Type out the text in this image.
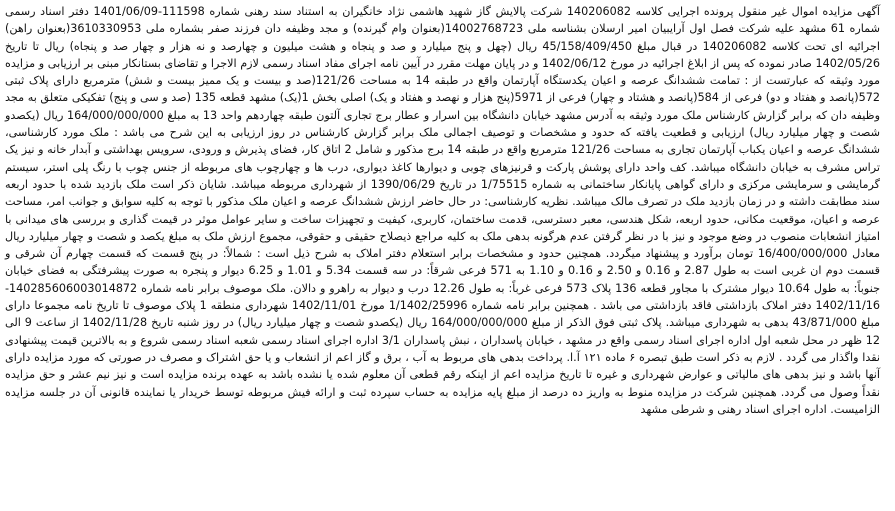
آگهی مزایده اموال غیر منقول پرونده اجرایی کلاسه 140206082 شرکت پالایش گاز شهید هاشمی نژاد خانگیران به استناد سند رهنی شماره 111598-1401/06/09 دفتر اسناد رسمی شماره 61 مشهد علیه شرکت فصل اول آرایبیان امیر ارسلان بشناسه ملی 14002768723(بعنوان وام گیرنده) و مجد وظیفه دان فرزند صفر بشماره ملی 3610330953(بعنوان راهن) اجرائیه ای تحت کلاسه 140206082 در قبال مبلغ 45/158/409/450 ریال (چهل و پنج میلیارد و صد و پنجاه و هشت میلیون و چهارصد و نه هزار و چهار صد و پنجاه) ریال تا تاریخ 1402/05/26 صادر نموده که پس از ابلاغ اجرائیه در مورخ 1402/06/12 و در پایان مهلت مقرر در آیین نامه اجرای مفاد اسناد رسمی لازم الاجرا و تقاضای بستانکار مبنی بر ارزیابی و مزایده مورد وثیقه که عبارتست از : تمامت ششدانگ عرصه و اعیان یکدستگاه آپارتمان واقع در طبقه 14 به مساحت 121/26(صد و بیست و یک ممیز بیست و شش) مترمربع دارای پلاک ثبتی 572(پانصد و هفتاد و دو) فرعی از 584(پانصد و هشتاد و چهار) فرعی از 5971(پنج هزار و نهصد و هفتاد و یک) اصلی بخش 1(یک) مشهد قطعه 135 (صد و سی و پنج) تفکیکی متعلق به مجد وظیفه دان که برابر گزارش کارشناس ملک مورد وثیقه به آدرس مشهد خیابان دانشگاه بین اسرار و عطار برج تجاری آلتون طبقه چهاردهم واحد 13 به مبلغ 164/000/000/000 ریال (یکصدو شصت و چهار میلیارد ریال) ارزیابی و قطعیت یافته که حدود و مشخصات و توصیف اجمالی ملک برابر گزارش کارشناس در روز ارزیابی به این شرح می باشد : ملک مورد کارشناسی، ششدانگ عرصه و اعیان یکباب آپارتمان تجاری به مساحت 121/26 مترمربع واقع در طبقه 14 برج مذکور و شامل 2 اتاق کار، فضای پذیرش و ورودی، سرویس بهداشتی و آبدار خانه و نیز یک تراس مشرف به خیابان دانشگاه میباشد. کف واحد دارای پوشش پارکت و قرنیزهای چوبی و دیوارها کاغذ دیواری، درب ها و چهارچوب های مربوطه از جنس چوب با رنگ پلی استر، سیستم گرمایشی و سرمایشی مرکزی و دارای گواهی پایانکار ساختمانی به شماره 1/75515 در تاریخ 1390/06/29 از شهرداری مربوطه میباشد. شایان ذکر است ملک بازدید شده با حدود اربعه سند مطابقت داشته و در زمان بازدید ملک در تصرف مالک میباشد. نظریه کارشناسی: در حال حاضر ارزش ششدانگ عرصه و اعیان ملک مذکور با توجه به کلیه سوابق و جوانب امر، مساحت عرصه و اعیان، موقعیت مکانی، حدود اربعه، شکل هندسی، معبر دسترسی، قدمت ساختمان، کاربری، کیفیت و تجهیزات ساخت و سایر عوامل موثر در قیمت گذاری و بررسی های میدانی با امتیاز انشعابات منصوب در وضع موجود و نیز با در نظر گرفتن عدم هرگونه بدهی ملک به کلیه مراجع ذیصلاح حقیقی و حقوقی، مجموع ارزش ملک به مبلغ یکصد و شصت و چهار میلیارد ریال معادل 16/400/000/000 تومان برآورد و پیشنهاد میگردد. همچنین حدود و مشخصات برابر استعلام دفتر املاک به شرح ذیل است : شمالاً: در پنج قسمت که قسمت چهارم آن شرقی و قسمت دوم ان غربی است به طول 2.87 و 0.16 و 2.50 و 0.16 و 1.10 به 571 فرعی شرقاً: در سه قسمت 5.34 و 1.01 و 6.25 دیوار و پنجره به صورت پیشرفتگی به فضای خیابان جنوباً: به طول 10.64 دیوار مشترک با مجاور قطعه 136 پلاک 573 فرعی غرباً: به طول 12.26 درب و دیوار به راهرو و دالان. ملک موصوف برابر نامه شماره 140285606003014872-1402/11/16 دفتر املاک بازداشتی فاقد بازداشتی می باشد . همچنین برابر نامه شماره 1/1402/25996 مورخ 1402/11/01 شهرداری منطقه 1 پلاک موصوف تا تاریخ نامه مجموعا دارای مبلغ 43/871/000 بدهی به شهرداری میباشد. پلاک ثبتی فوق الذکر از مبلغ 164/000/000/000 ریال (یکصدو شصت و چهار میلیارد ریال) در روز شنبه تاریخ 1402/11/28 از ساعت 9 الی 12 ظهر در محل شعبه اول اداره اجرای اسناد رسمی واقع در مشهد ، خیابان پاسداران ، نبش پاسداران 3/1 اداره اجرای اسناد رسمی شعبه اسناد رسمی شروع و به بالاترین قیمت پیشنهادی نقدا واگذار می گردد . لازم به ذکر است طبق تبصره ۶ ماده ۱۲۱ آ.ا. پرداخت بدهی های مربوط به آب ، برق و گاز اعم از انشعاب و یا حق اشتراک و مصرف در صورتی که مورد مزایده دارای آنها باشد و نیز بدهی های مالیاتی و عوارض شهرداری و غیره تا تاریخ مزایده اعم از اینکه رقم قطعی آن معلوم شده یا نشده باشد به عهده برنده مزایده است و نیز نیم عشر و حق مزایده نقداً وصول می گردد. همچنین شرکت در مزایده منوط به واریز ده درصد از مبلغ پایه مزایده به حساب سپرده ثبت و ارائه فیش مربوطه توسط خریدار یا نماینده قانونی آن در جلسه مزایده الزامیست. اداره اجرای اسناد رهنی و شرطی مشهد
